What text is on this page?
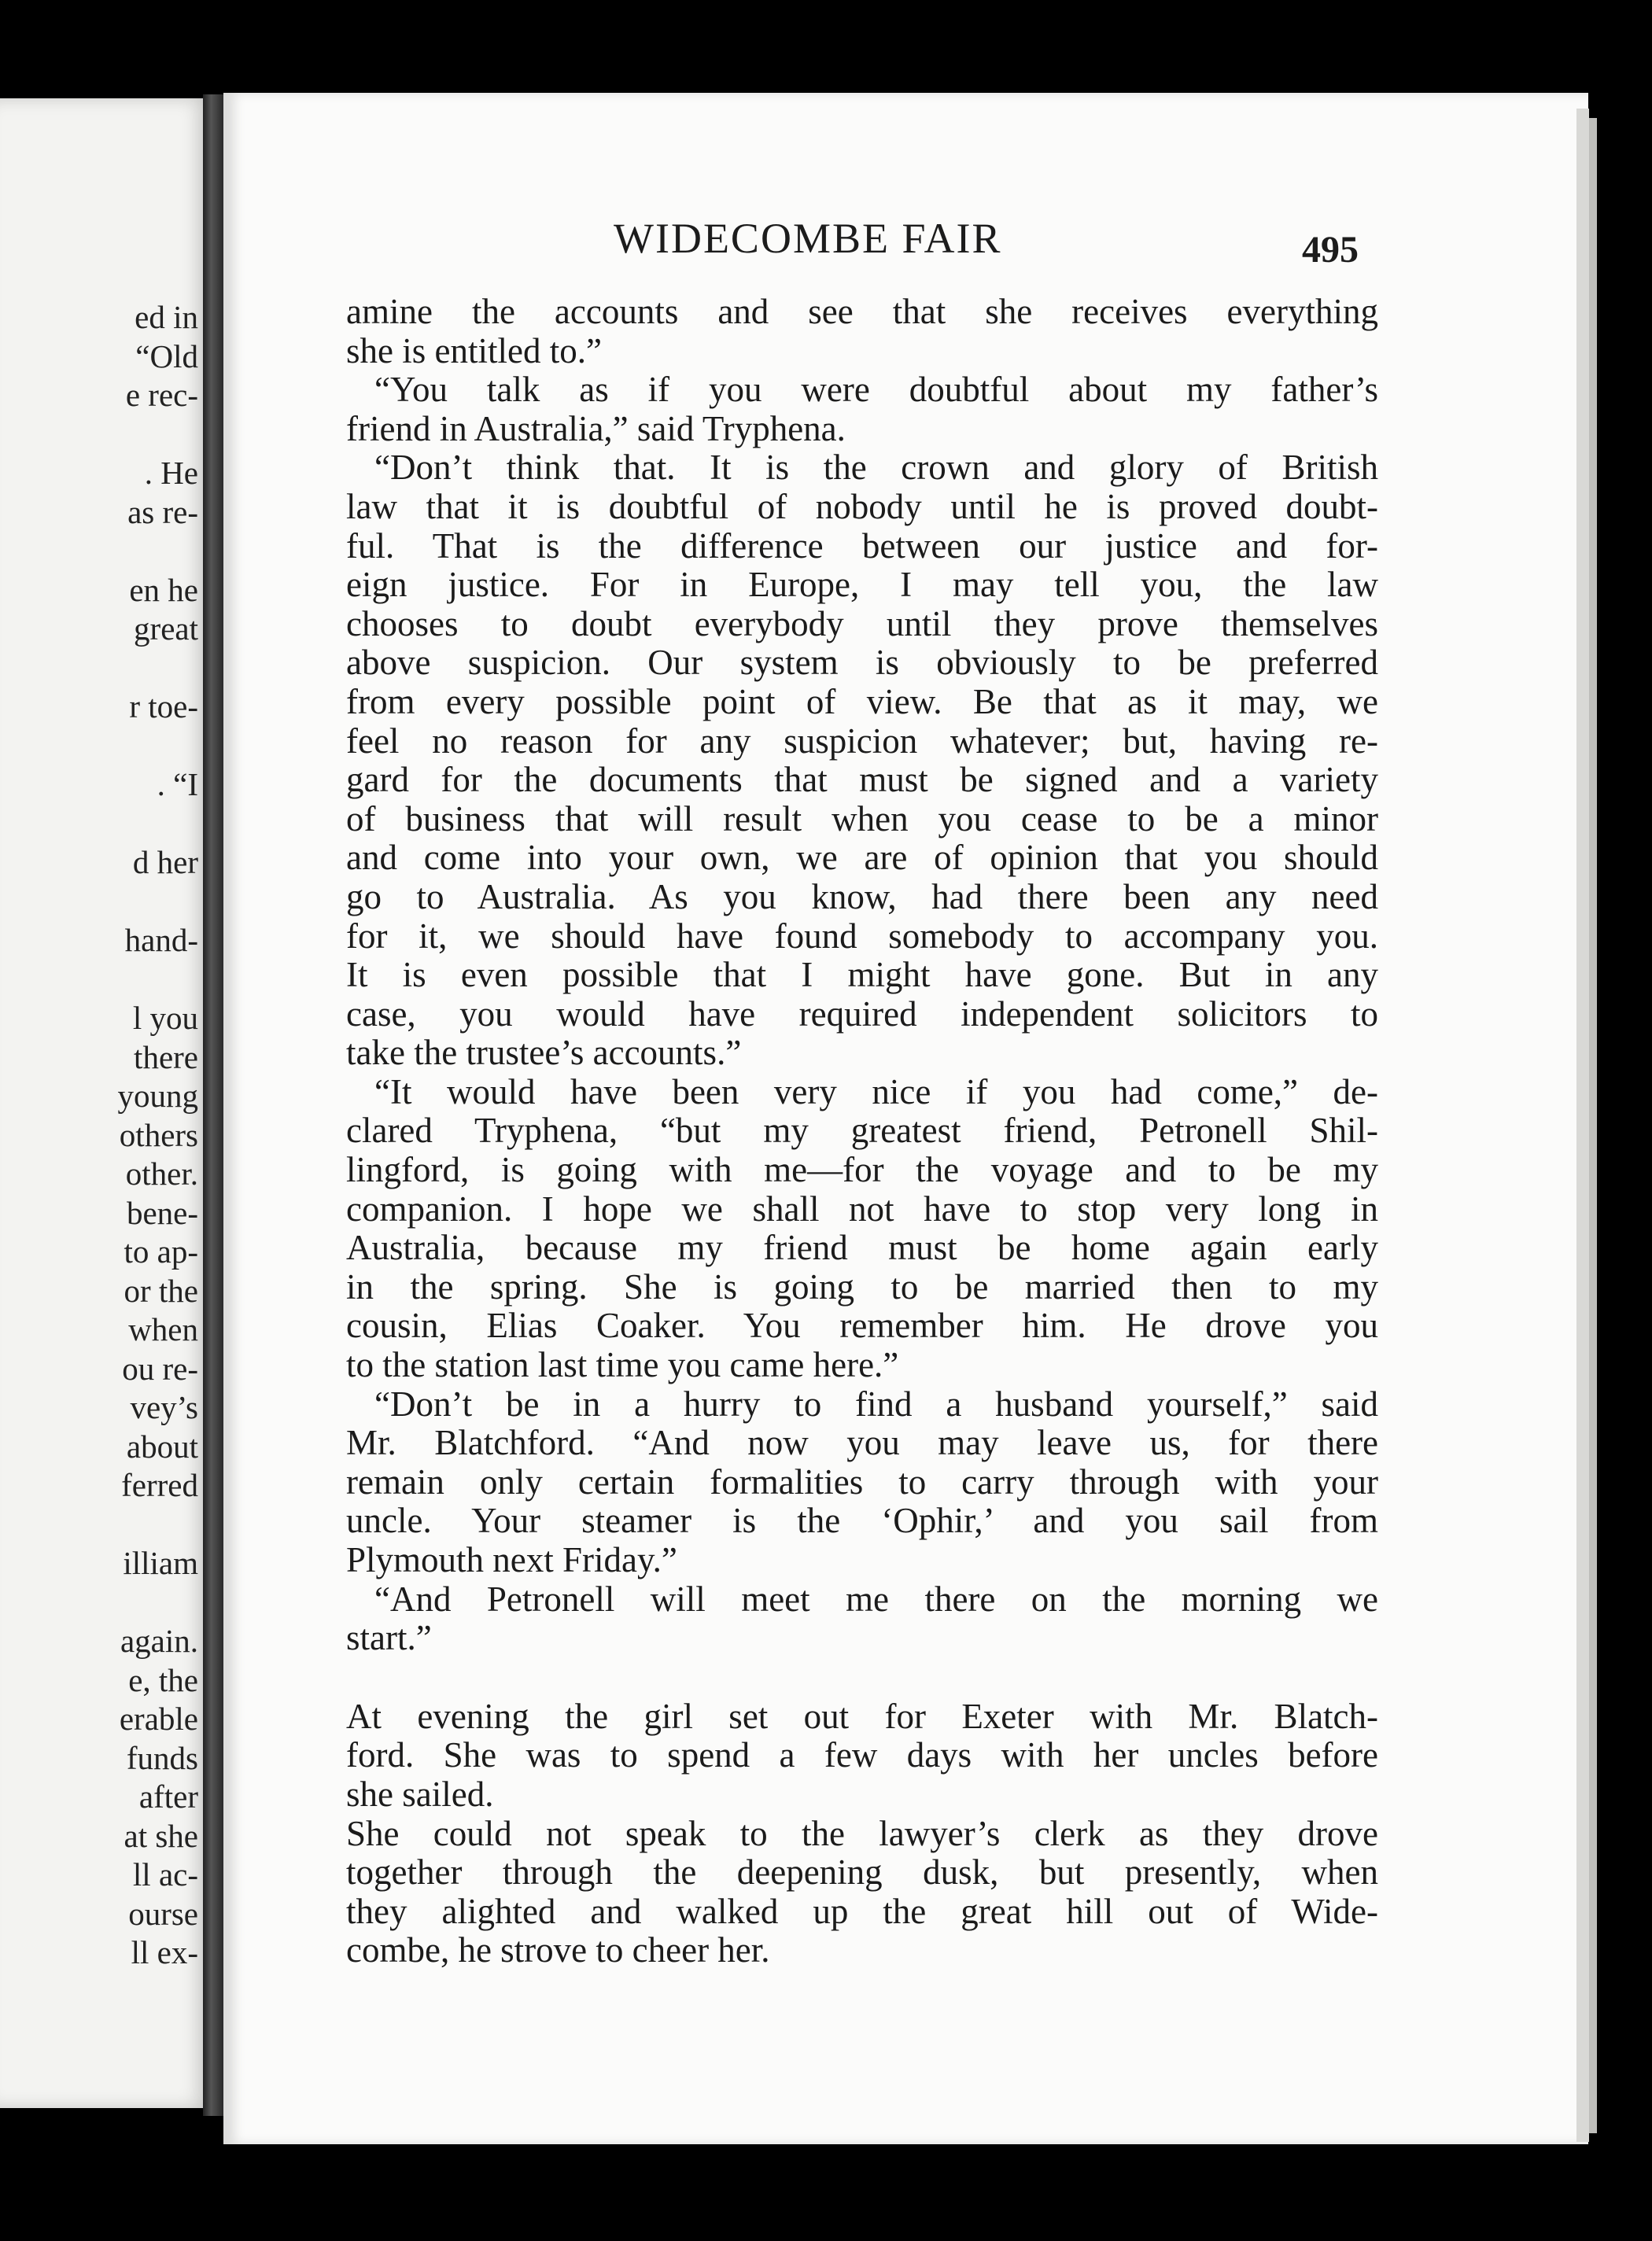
ed in
“Old
e rec-
. He
as re-
en he
great
r toe-
. “I
d her
hand-
l you
there
young
others
other.
bene-
to ap-
or the
when
ou re-
vey’s
about
ferred
illiam
again.
e, the
erable
funds
after
at she
ll ac-
ourse
ll ex-
WIDECOMBE FAIR	495
amine the accounts and see that she receives everything
she is entitled to.”
“You talk as if you were doubtful about my father’s
friend in Australia,” said Tryphena.
“Don’t think that. It is the crown and glory of British
law that it is doubtful of nobody until he is proved doubt-
ful. That is the difference between our justice and for-
eign justice. For in Europe, I may tell you, the law
chooses to doubt everybody until they prove themselves
above suspicion. Our system is obviously to be preferred
from every possible point of view. Be that as it may, we
feel no reason for any suspicion whatever; but, having re-
gard for the documents that must be signed and a variety
of business that will result when you cease to be a minor
and come into your own, we are of opinion that you should
go to Australia. As you know, had there been any need
for it, we should have found somebody to accompany you.
It is even possible that I might have gone. But in any
case, you would have required independent solicitors to
take the trustee’s accounts.”
“It would have been very nice if you had come,” de-
clared Tryphena, “but my greatest friend, Petronell Shil-
lingford, is going with me—for the voyage and to be my
companion. I hope we shall not have to stop very long in
Australia, because my friend must be home again early
in the spring. She is going to be married then to my
cousin, Elias Coaker. You remember him. He drove you
to the station last time you came here.”
“Don’t be in a hurry to find a husband yourself,” said
Mr. Blatchford. “And now you may leave us, for there
remain only certain formalities to carry through with your
uncle. Your steamer is the ‘Ophir,’ and you sail from
Plymouth next Friday.”
“And Petronell will meet me there on the morning we
start.”
At evening the girl set out for Exeter with Mr. Blatch-
ford. She was to spend a few days with her uncles before
she sailed.
She could not speak to the lawyer’s clerk as they drove
together through the deepening dusk, but presently, when
they alighted and walked up the great hill out of Wide-
combe, he strove to cheer her.
